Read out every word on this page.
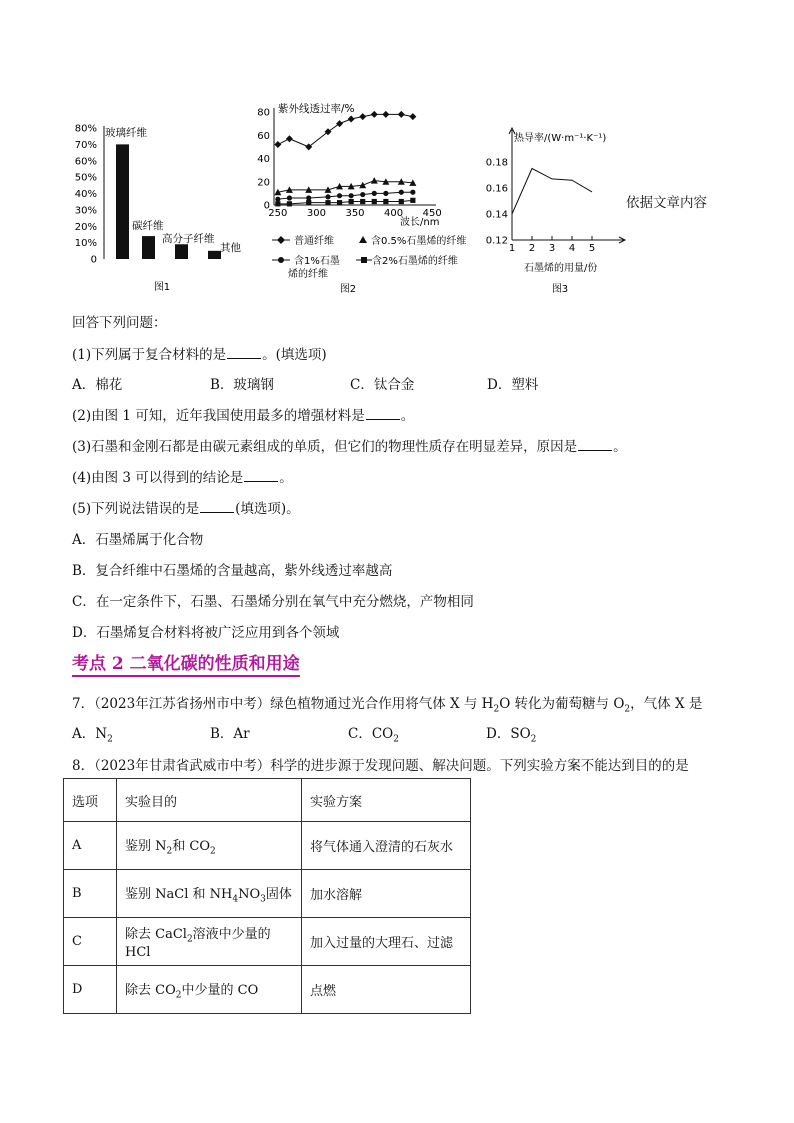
80%
70%
60%
50%
40%
30%
20%
10%
0
玻璃纤维
碳纤维
高分子纤维
其他
图1
紫外线透过率/%
80
60
40
20
0
250 300 350 400 450
波长/nm
普通纤维	含0.5%石墨烯的纤维
含1%石墨
烯的纤维
含2%石墨烯的纤维
图2
热导率/(W·m⁻¹·K⁻¹)
0.18
0.16
0.14
0.12
1 2 3 4 5
石墨烯的用量/份
图3
依据文章内容
回答下列问题：
(1)下列属于复合材料的是	。(填选项)
A．棉花	B．玻璃钢	C．钛合金	D．塑料
(2)由图 1 可知，近年我国使用最多的增强材料是	。
(3)石墨和金刚石都是由碳元素组成的单质，但它们的物理性质存在明显差异，原因是	。
(4)由图 3 可以得到的结论是	。
(5)下列说法错误的是	(填选项)。
A．石墨烯属于化合物
B．复合纤维中石墨烯的含量越高，紫外线透过率越高
C．在一定条件下，石墨、石墨烯分别在氧气中充分燃烧，产物相同
D．石墨烯复合材料将被广泛应用到各个领域
考点 2 二氧化碳的性质和用途
7．（2023年江苏省扬州市中考）绿色植物通过光合作用将气体 X 与 $H_2O$ 转化为葡萄糖与 $O_2$，气体 X 是
A．$N_2$	B．Ar	C．$CO_2$	D．$SO_2$
8．（2023年甘肃省武威市中考）科学的进步源于发现问题、解决问题。下列实验方案不能达到目的的是
选项	实验目的	实验方案
A	鉴别 $N_2$和 $CO_2$	将气体通入澄清的石灰水
B	鉴别 NaCl 和 $NH_4NO_3$固体	加水溶解
C	除去 CaCl$_2$溶液中少量的 HCl	加入过量的大理石、过滤
D	除去 $CO_2$中少量的 CO	点燃
